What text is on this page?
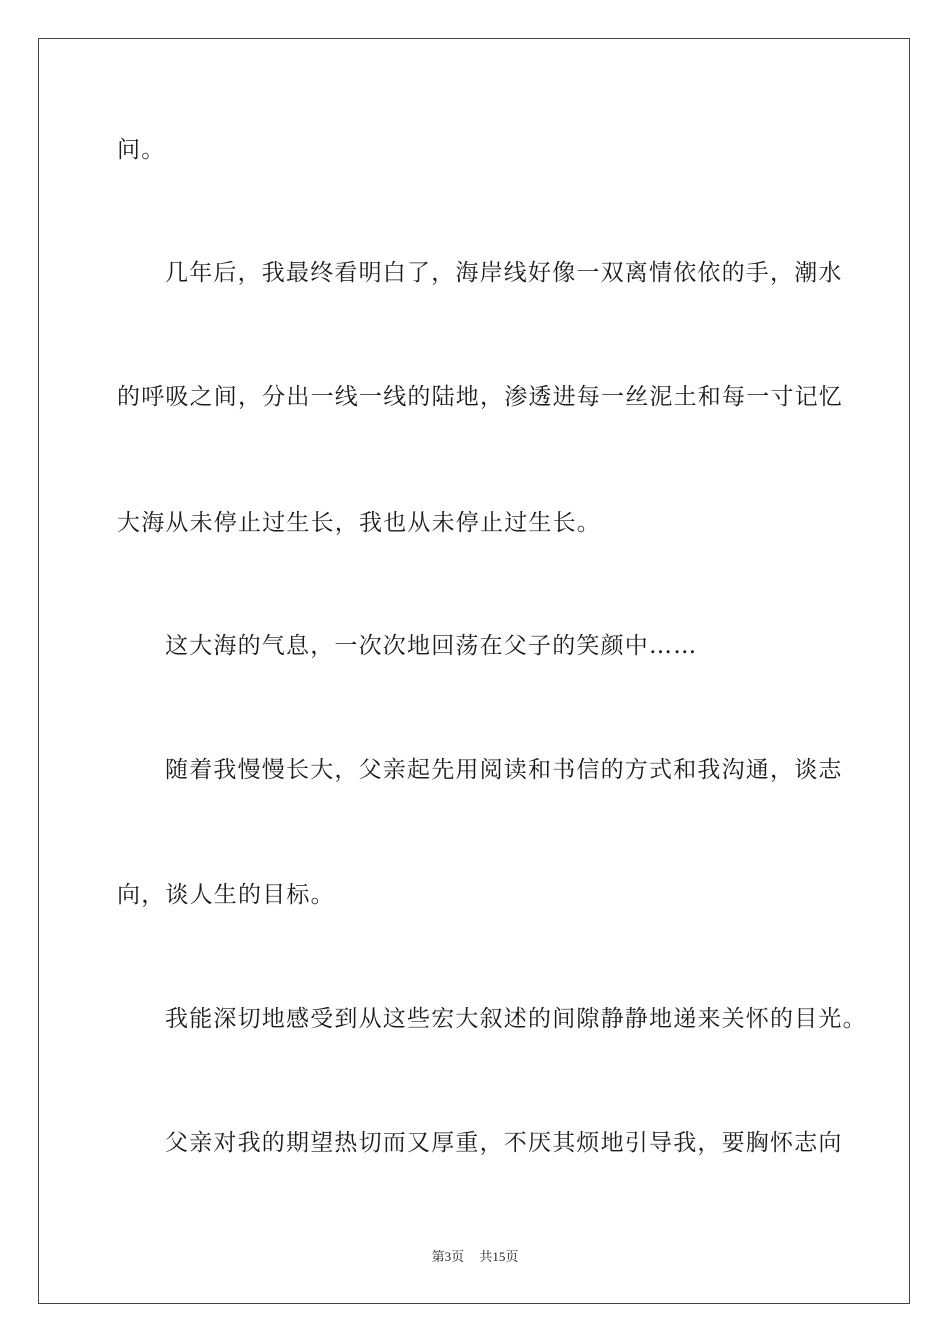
问。
几年后，我最终看明白了，海岸线好像一双离情依依的手，潮水
的呼吸之间，分出一线一线的陆地，渗透进每一丝泥土和每一寸记忆
大海从未停止过生长，我也从未停止过生长。
这大海的气息，一次次地回荡在父子的笑颜中……
随着我慢慢长大，父亲起先用阅读和书信的方式和我沟通，谈志
向，谈人生的目标。
我能深切地感受到从这些宏大叙述的间隙静静地递来关怀的目光。
父亲对我的期望热切而又厚重，不厌其烦地引导我，要胸怀志向
第3页 共15页
